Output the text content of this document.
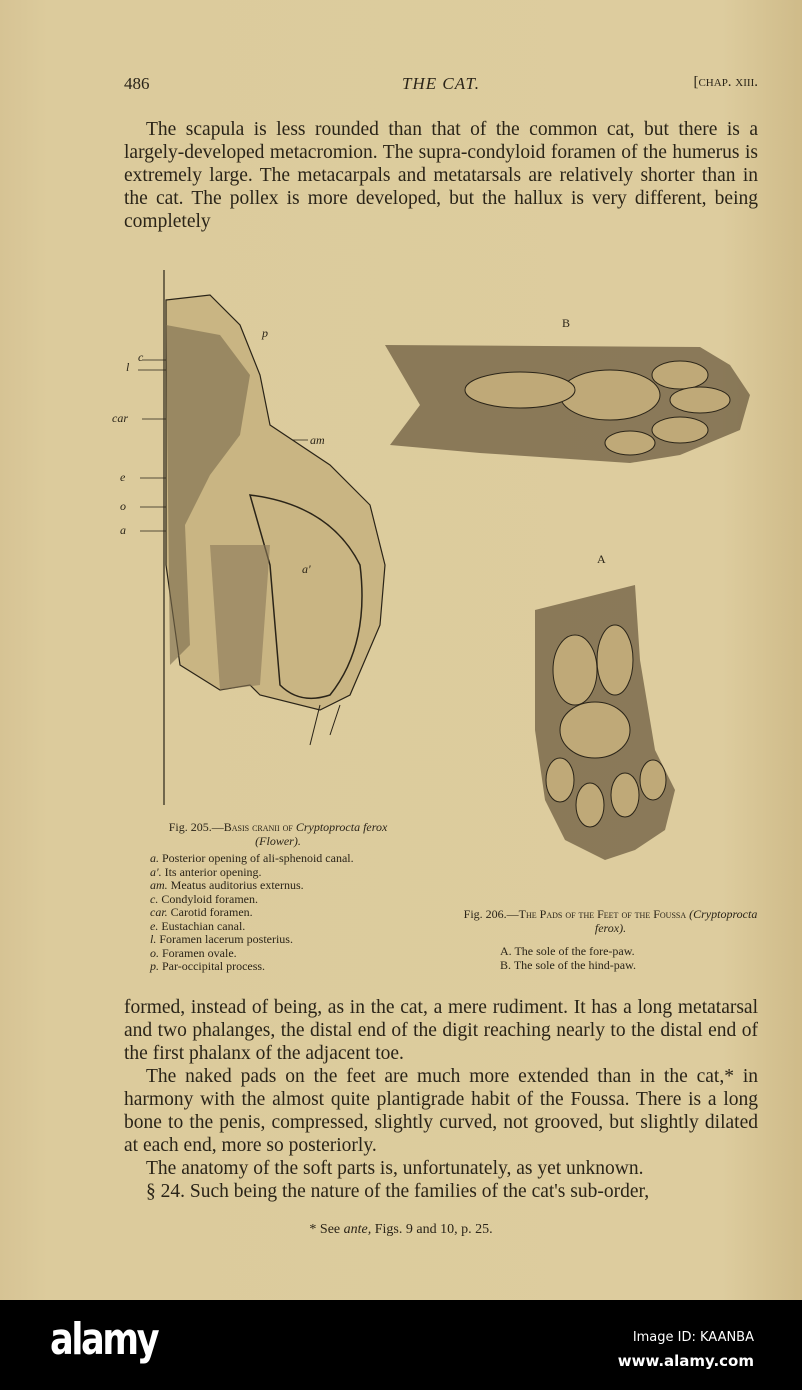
486	THE CAT.	[chap. xiii.

The scapula is less rounded than that of the common cat, but there is a largely-developed metacromion. The supra-condyloid foramen of the humerus is extremely large. The metacarpals and metatarsals are relatively shorter than in the cat. The pollex is more developed, but the hallux is very different, being completely

p
c
l
car
am
e
o
a
a'
B
A
Fig. 205.—Basis cranii of Cryptoprocta ferox
(Flower).
a. Posterior opening of ali-sphenoid canal.
a'. Its anterior opening.
am. Meatus auditorius externus.
c. Condyloid foramen.
car. Carotid foramen.
e. Eustachian canal.
l. Foramen lacerum posterius.
o. Foramen ovale.
p. Par-occipital process.
Fig. 206.—The Pads of the Feet of the Foussa (Cryptoprocta ferox).
A. The sole of the fore-paw.
B. The sole of the hind-paw.

formed, instead of being, as in the cat, a mere rudiment. It has a long metatarsal and two phalanges, the distal end of the digit reaching nearly to the distal end of the first phalanx of the adjacent toe.

The naked pads on the feet are much more extended than in the cat,* in harmony with the almost quite plantigrade habit of the Foussa. There is a long bone to the penis, compressed, slightly curved, not grooved, but slightly dilated at each end, more so posteriorly.

The anatomy of the soft parts is, unfortunately, as yet unknown.

§ 24. Such being the nature of the families of the cat's sub-order,

* See ante, Figs. 9 and 10, p. 25.
alamy	Image ID: KAANBA
www.alamy.com
